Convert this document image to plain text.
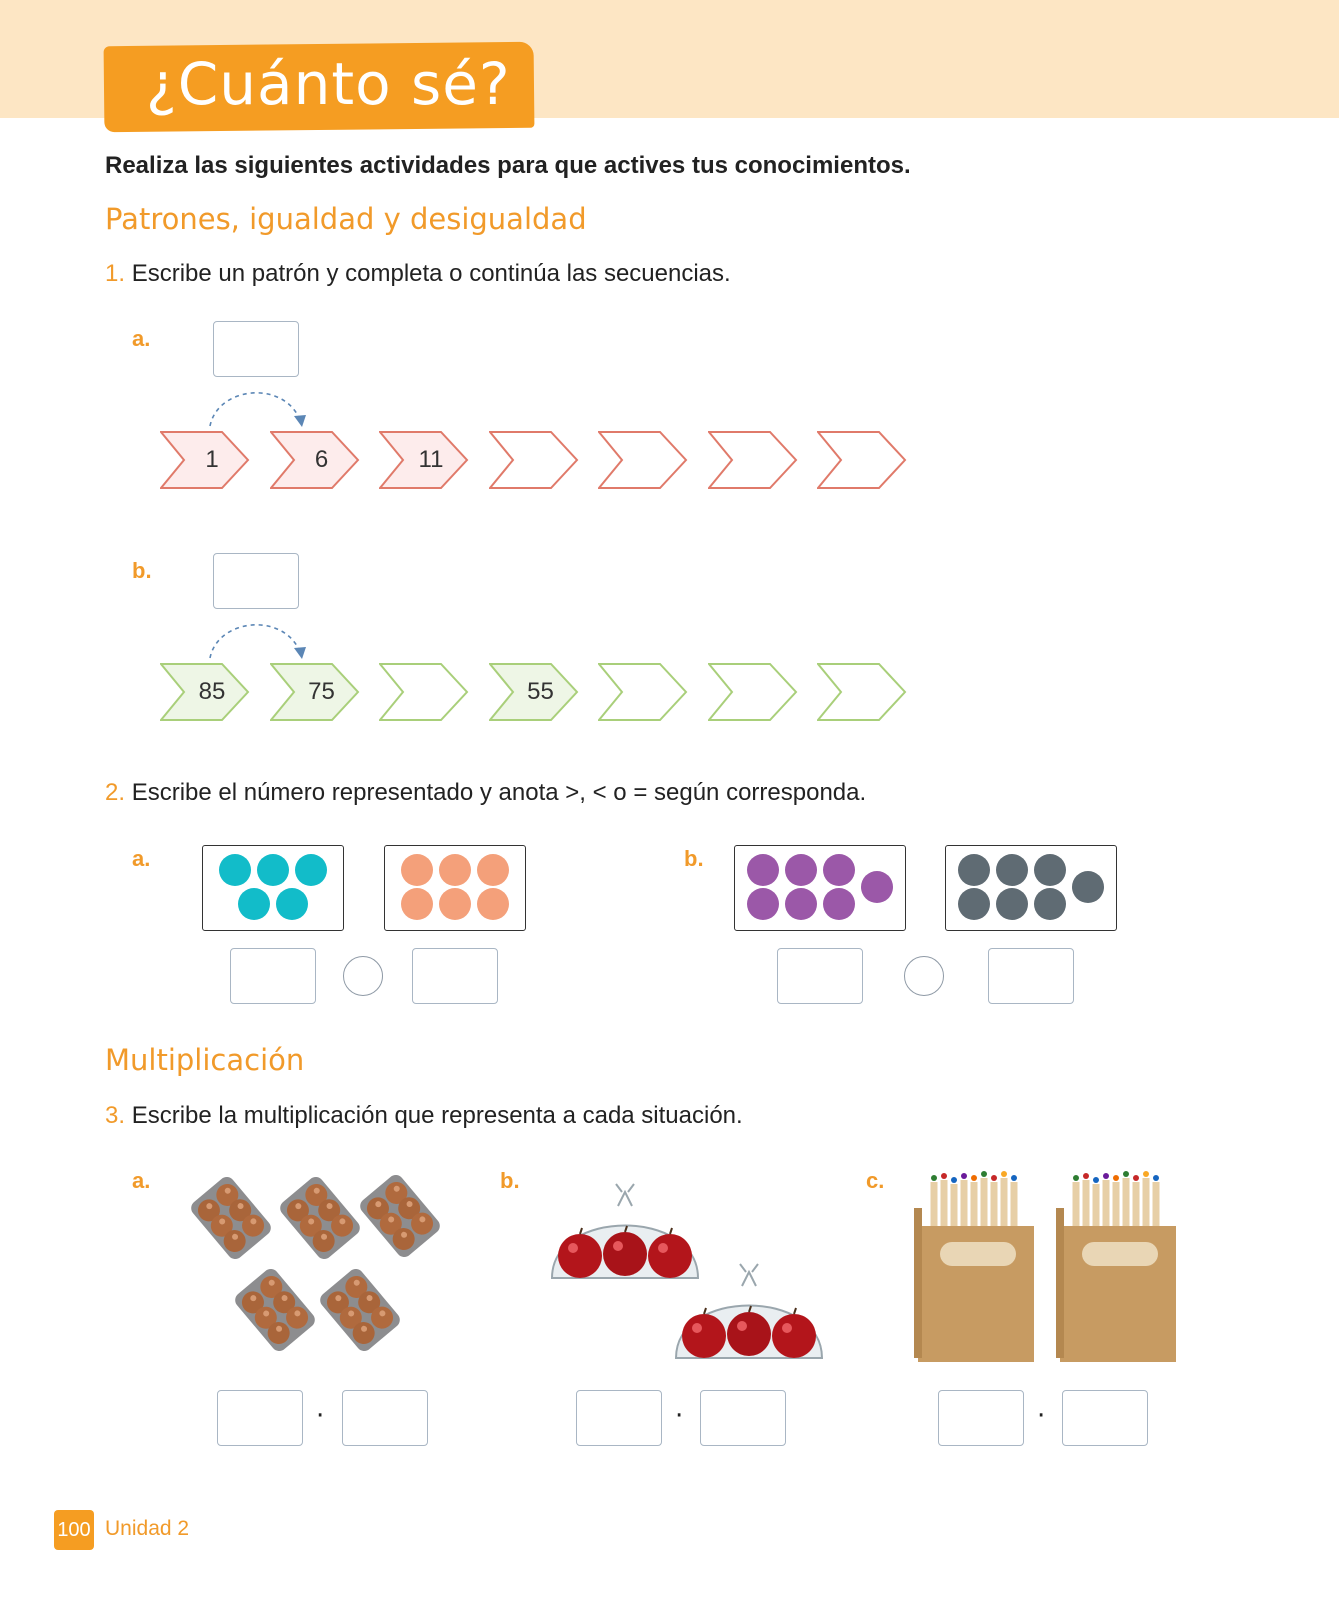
¿Cuánto sé?
Realiza las siguientes actividades para que actives tus conocimientos.
Patrones, igualdad y desigualdad
1. Escribe un patrón y completa o continúa las secuencias.
a.
1	6	11
b.
85	75	55
2. Escribe el número representado y anota >, < o = según corresponda.
a.	b.
Multiplicación
3. Escribe la multiplicación que representa a cada situación.
a.
·
b.
·
c.
·
100 Unidad 2
